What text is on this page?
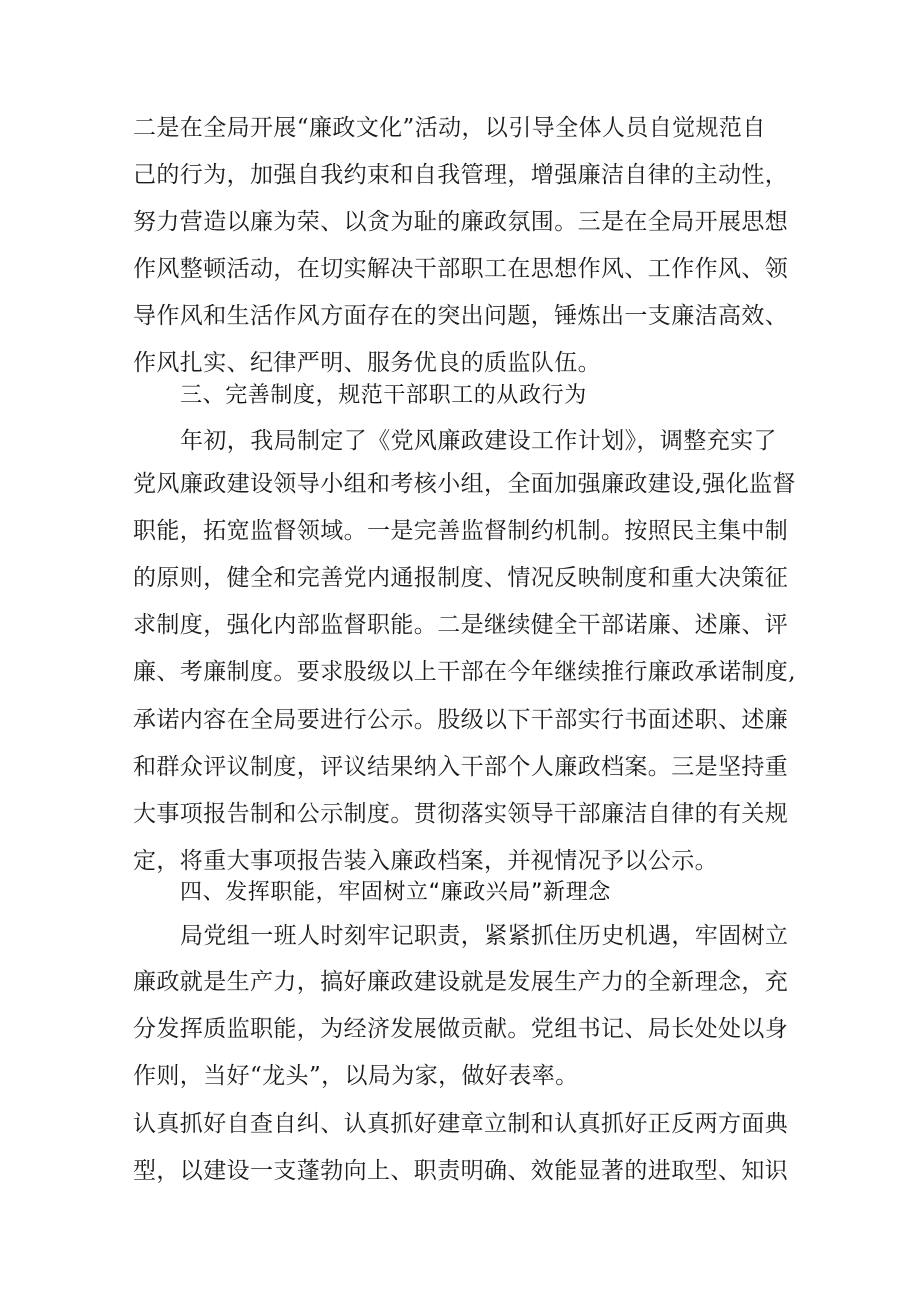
二是在全局开展“廉政文化”活动，以引导全体人员自觉规范自
己的行为，加强自我约束和自我管理，增强廉洁自律的主动性，
努力营造以廉为荣、以贪为耻的廉政氛围。三是在全局开展思想
作风整顿活动，在切实解决干部职工在思想作风、工作作风、领
导作风和生活作风方面存在的突出问题，锤炼出一支廉洁高效、
作风扎实、纪律严明、服务优良的质监队伍。
三、完善制度，规范干部职工的从政行为
年初，我局制定了《党风廉政建设工作计划》，调整充实了
党风廉政建设领导小组和考核小组，全面加强廉政建设,强化监督
职能，拓宽监督领域。一是完善监督制约机制。按照民主集中制
的原则，健全和完善党内通报制度、情况反映制度和重大决策征
求制度，强化内部监督职能。二是继续健全干部诺廉、述廉、评
廉、考廉制度。要求股级以上干部在今年继续推行廉政承诺制度,
承诺内容在全局要进行公示。股级以下干部实行书面述职、述廉
和群众评议制度，评议结果纳入干部个人廉政档案。三是坚持重
大事项报告制和公示制度。贯彻落实领导干部廉洁自律的有关规
定，将重大事项报告装入廉政档案，并视情况予以公示。
四、发挥职能，牢固树立“廉政兴局”新理念
局党组一班人时刻牢记职责，紧紧抓住历史机遇，牢固树立
廉政就是生产力，搞好廉政建设就是发展生产力的全新理念，充
分发挥质监职能，为经济发展做贡献。党组书记、局长处处以身
作则，当好“龙头”，以局为家，做好表率。
认真抓好自查自纠、认真抓好建章立制和认真抓好正反两方面典
型，以建设一支蓬勃向上、职责明确、效能显著的进取型、知识
